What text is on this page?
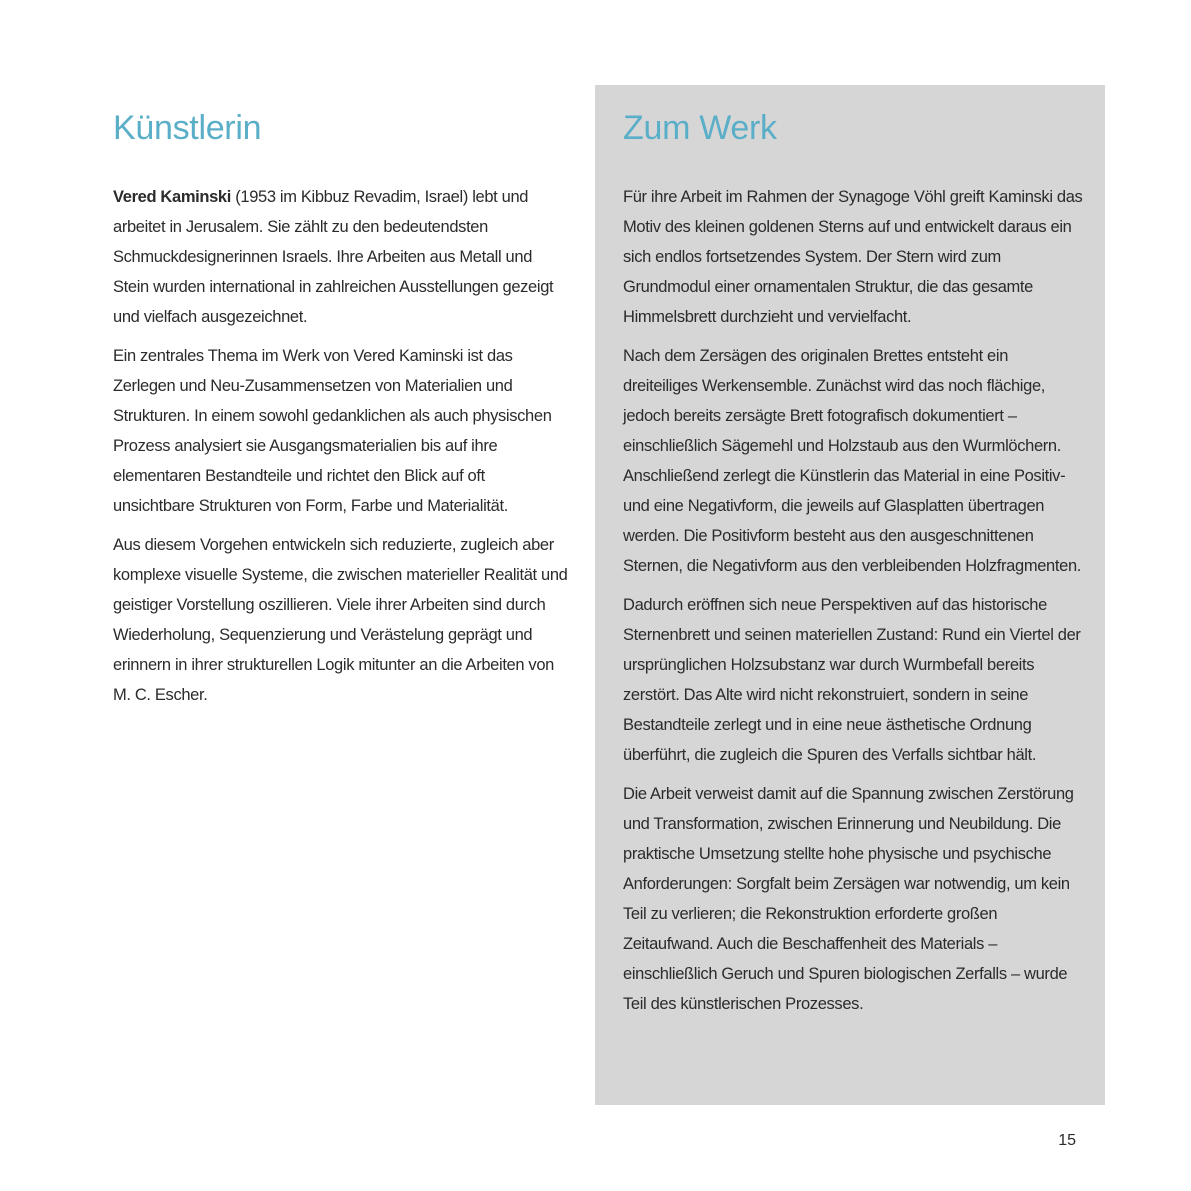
Künstlerin

Vered Kaminski (1953 im Kibbuz Revadim, Israel) lebt und arbeitet in Jerusalem. Sie zählt zu den bedeutendsten Schmuckdesignerinnen Israels. Ihre Arbeiten aus Metall und Stein wurden international in zahlreichen Ausstellungen gezeigt und vielfach ausgezeichnet.

Ein zentrales Thema im Werk von Vered Kaminski ist das Zerlegen und Neu-Zusammensetzen von Materialien und Strukturen. In einem sowohl gedanklichen als auch physischen Prozess analysiert sie Ausgangsmaterialien bis auf ihre elementaren Bestandteile und richtet den Blick auf oft unsichtbare Strukturen von Form, Farbe und Materialität.

Aus diesem Vorgehen entwickeln sich reduzierte, zugleich aber komplexe visuelle Systeme, die zwischen materieller Realität und geistiger Vorstellung oszillieren. Viele ihrer Arbeiten sind durch Wiederholung, Sequenzierung und Verästelung geprägt und erinnern in ihrer strukturellen Logik mitunter an die Arbeiten von M. C. Escher.

Zum Werk

Für ihre Arbeit im Rahmen der Synagoge Vöhl greift Kaminski das Motiv des kleinen goldenen Sterns auf und entwickelt daraus ein sich endlos fortsetzendes System. Der Stern wird zum Grundmodul einer ornamentalen Struktur, die das gesamte Himmelsbrett durchzieht und vervielfacht.

Nach dem Zersägen des originalen Brettes entsteht ein dreiteiliges Werkensemble. Zunächst wird das noch flächige, jedoch bereits zersägte Brett fotografisch dokumentiert – einschließlich Sägemehl und Holzstaub aus den Wurmlöchern. Anschließend zerlegt die Künstlerin das Material in eine Positiv- und eine Negativform, die jeweils auf Glasplatten übertragen werden. Die Positivform besteht aus den ausgeschnittenen Sternen, die Negativform aus den verbleibenden Holzfragmenten.

Dadurch eröffnen sich neue Perspektiven auf das historische Sternenbrett und seinen materiellen Zustand: Rund ein Viertel der ursprünglichen Holzsubstanz war durch Wurmbefall bereits zerstört. Das Alte wird nicht rekonstruiert, sondern in seine Bestandteile zerlegt und in eine neue ästhetische Ordnung überführt, die zugleich die Spuren des Verfalls sichtbar hält.

Die Arbeit verweist damit auf die Spannung zwischen Zerstörung und Transformation, zwischen Erinnerung und Neubildung. Die praktische Umsetzung stellte hohe physische und psychische Anforderungen: Sorgfalt beim Zersägen war notwendig, um kein Teil zu verlieren; die Rekonstruktion erforderte großen Zeitaufwand. Auch die Beschaffenheit des Materials – einschließlich Geruch und Spuren biologischen Zerfalls – wurde Teil des künstlerischen Prozesses.

15
